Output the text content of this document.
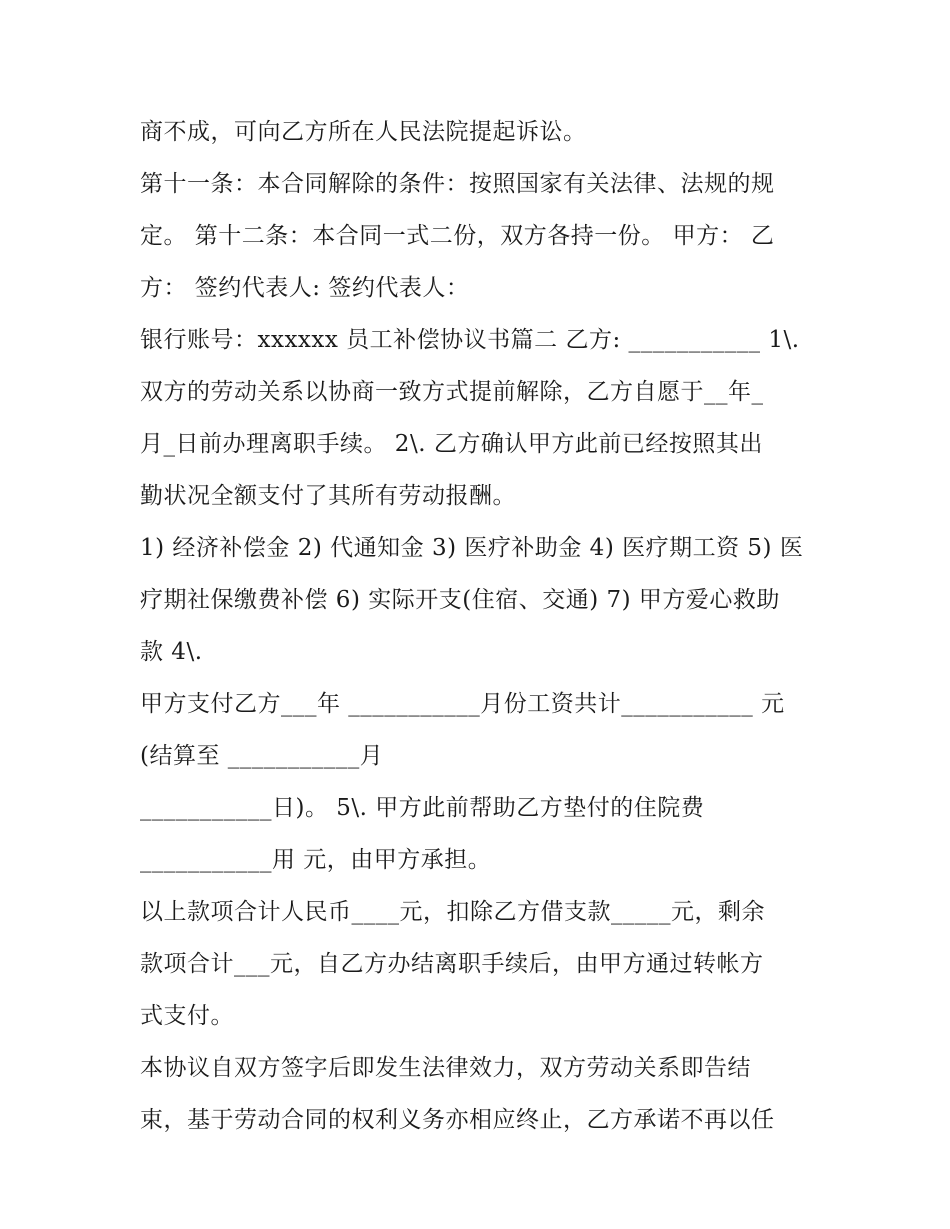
商不成，可向乙方所在人民法院提起诉讼。
第十一条：本合同解除的条件：按照国家有关法律、法规的规
定。 第十二条：本合同一式二份，双方各持一份。 甲方： 乙
方： 签约代表人: 签约代表人：
银行账号：xxxxxx 员工补偿协议书篇二 乙方: ___________ 1\.
双方的劳动关系以协商一致方式提前解除，乙方自愿于__年_
月_日前办理离职手续。 2\. 乙方确认甲方此前已经按照其出
勤状况全额支付了其所有劳动报酬。
1) 经济补偿金 2) 代通知金 3) 医疗补助金 4) 医疗期工资 5) 医
疗期社保缴费补偿 6) 实际开支(住宿、交通) 7) 甲方爱心救助
款 4\.
甲方支付乙方___年 ___________月份工资共计___________ 元
(结算至 ___________月
___________日)。 5\. 甲方此前帮助乙方垫付的住院费
___________用 元，由甲方承担。
以上款项合计人民币____元，扣除乙方借支款_____元，剩余
款项合计___元，自乙方办结离职手续后，由甲方通过转帐方
式支付。
本协议自双方签字后即发生法律效力，双方劳动关系即告结
束，基于劳动合同的权利义务亦相应终止，乙方承诺不再以任
